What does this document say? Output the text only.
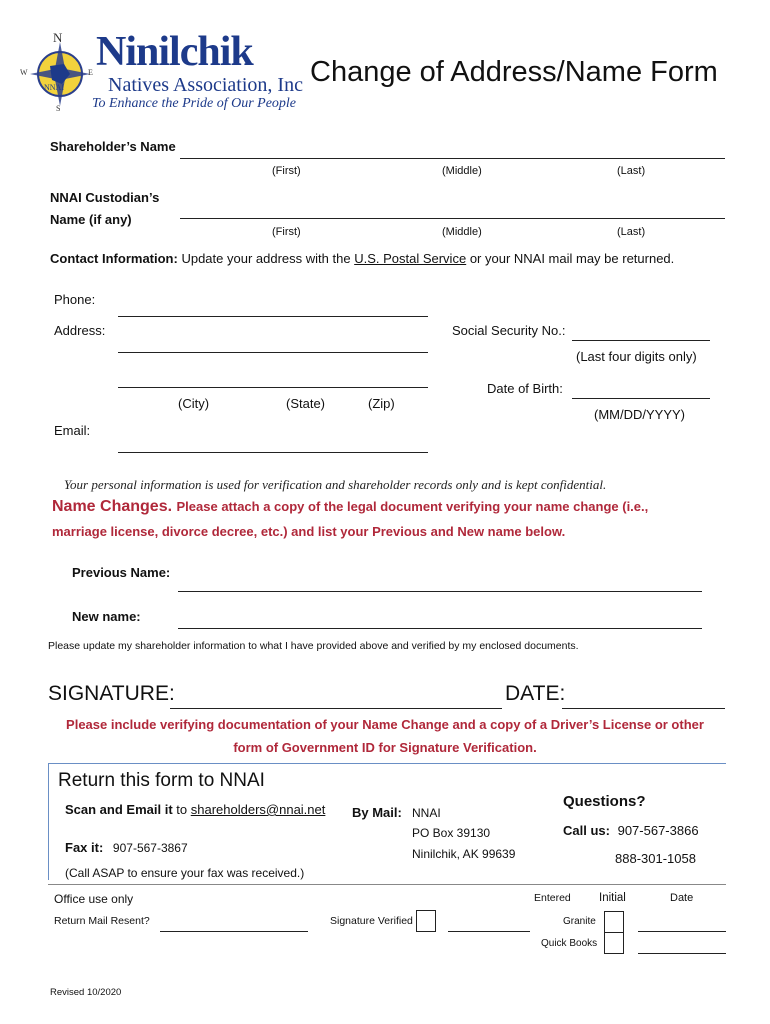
N
W	E
S
NNAI
Ninilchik
Natives Association, Inc
To Enhance the Pride of Our People
Change of Address/Name Form
Shareholder’s Name
(First)	(Middle)	(Last)
NNAI Custodian’s
Name (if any)
(First)	(Middle)	(Last)
Contact Information: Update your address with the U.S. Postal Service or your NNAI mail may be returned.
Phone:
Address:
(City)	(State)	(Zip)
Email:
Social Security No.:
(Last four digits only)
Date of Birth:
(MM/DD/YYYY)
Your personal information is used for verification and shareholder records only and is kept confidential.
Name Changes. Please attach a copy of the legal document verifying your name change (i.e.,
marriage license, divorce decree, etc.) and list your Previous and New name below.
Previous Name:
New name:
Please update my shareholder information to what I have provided above and verified by my enclosed documents.
SIGNATURE:	DATE:
Please include verifying documentation of your Name Change and a copy of a Driver’s License or other
form of Government ID for Signature Verification.
Return this form to NNAI
Scan and Email it to shareholders@nnai.net
Fax it: 907-567-3867
(Call ASAP to ensure your fax was received.)
By Mail: NNAI
PO Box 39130
Ninilchik, AK 99639
Questions?
Call us: 907-567-3866
888-301-1058
Office use only
Return Mail Resent?	Signature Verified
Entered Initial	Date
Granite
Quick Books
Revised 10/2020
